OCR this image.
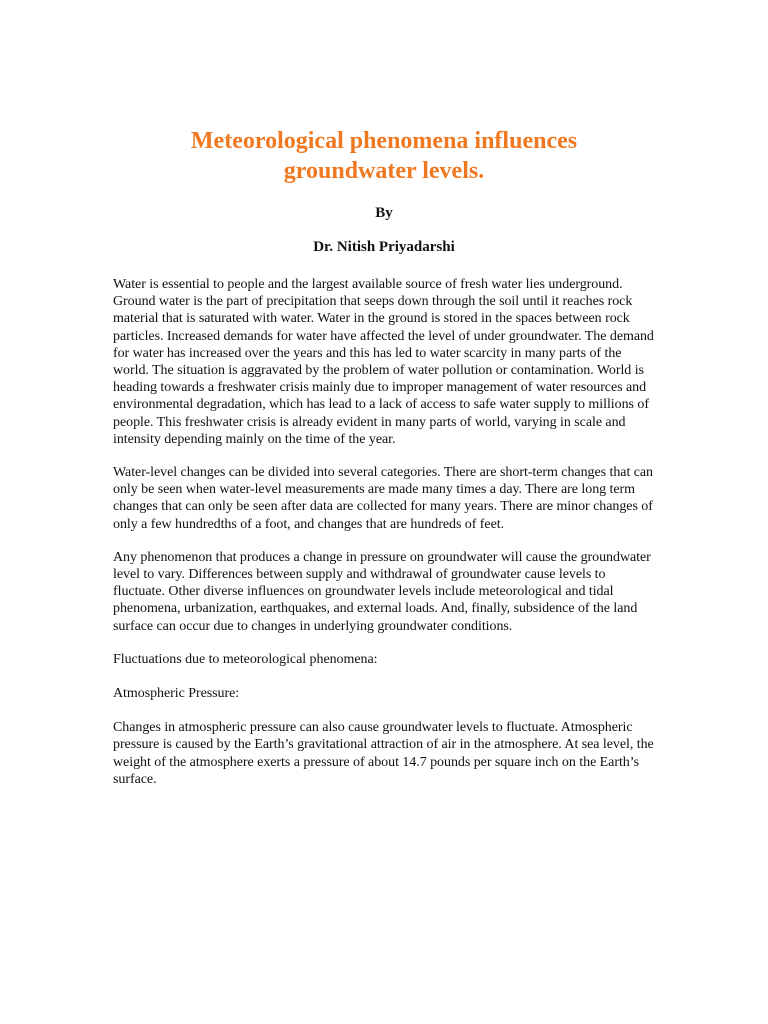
Meteorological phenomena influences
groundwater levels.

By

Dr. Nitish Priyadarshi

Water is essential to people and the largest available source of fresh water lies underground. Ground water is the part of precipitation that seeps down through the soil until it reaches rock material that is saturated with water. Water in the ground is stored in the spaces between rock particles. Increased demands for water have affected the level of under groundwater. The demand for water has increased over the years and this has led to water scarcity in many parts of the world. The situation is aggravated by the problem of water pollution or contamination. World is heading towards a freshwater crisis mainly due to improper management of water resources and environmental degradation, which has lead to a lack of access to safe water supply to millions of people. This freshwater crisis is already evident in many parts of world, varying in scale and intensity depending mainly on the time of the year.

Water-level changes can be divided into several categories. There are short-term changes that can only be seen when water-level measurements are made many times a day. There are long term changes that can only be seen after data are collected for many years. There are minor changes of only a few hundredths of a foot, and changes that are hundreds of feet.

Any phenomenon that produces a change in pressure on groundwater will cause the groundwater level to vary. Differences between supply and withdrawal of groundwater cause levels to fluctuate. Other diverse influences on groundwater levels include meteorological and tidal phenomena, urbanization, earthquakes, and external loads. And, finally, subsidence of the land surface can occur due to changes in underlying groundwater conditions.

Fluctuations due to meteorological phenomena:

Atmospheric Pressure:

Changes in atmospheric pressure can also cause groundwater levels to fluctuate. Atmospheric pressure is caused by the Earth’s gravitational attraction of air in the atmosphere. At sea level, the weight of the atmosphere exerts a pressure of about 14.7 pounds per square inch on the Earth’s surface.
